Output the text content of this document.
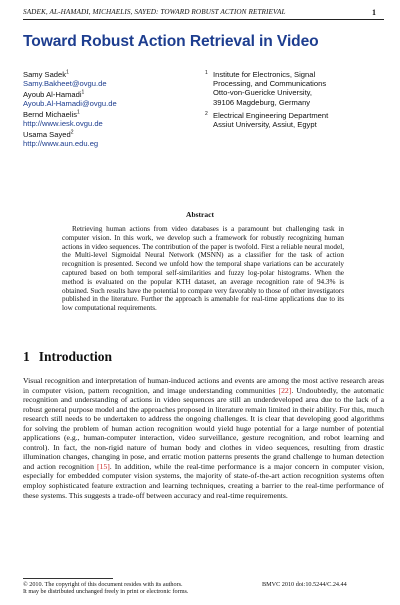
SADEK, AL-HAMADI, MICHAELIS, SAYED: TOWARD ROBUST ACTION RETRIEVAL	1
Toward Robust Action Retrieval in Video
Samy Sadek$^1$
Samy.Bakheet@ovgu.de
Ayoub Al-Hamadi$^1$
Ayoub.Al-Hamadi@ovgu.de
Bernd Michaelis$^1$
http://www.iesk.ovgu.de
Usama Sayed$^2$
http://www.aun.edu.eg
1 Institute for Electronics, Signal
Processing, and Communications
Otto-von-Guericke University,
39106 Magdeburg, Germany
2 Electrical Engineering Department
Assiut University, Assiut, Egypt
Abstract
Retrieving human actions from video databases is a paramount but challenging task in computer vision. In this work, we develop such a framework for robustly recognizing human actions in video sequences. The contribution of the paper is twofold. First a reliable neural model, the Multi-level Sigmoidal Neural Network (MSNN) as a classifier for the task of action recognition is presented. Second we unfold how the temporal shape variations can be accurately captured based on both temporal self-similarities and fuzzy log-polar histograms. When the method is evaluated on the popular KTH dataset, an average recognition rate of 94.3% is obtained. Such results have the potential to compare very favorably to those of other investigators published in the literature. Further the approach is amenable for real-time applications due to its low computational requirements.
1 Introduction
Visual recognition and interpretation of human-induced actions and events are among the most active research areas in computer vision, pattern recognition, and image understanding communities [22]. Undoubtedly, the automatic recognition and understanding of actions in video sequences are still an underdeveloped area due to the lack of a robust general purpose model and the approaches proposed in literature remain limited in their ability. For this, much research still needs to be undertaken to address the ongoing challenges. It is clear that developing good algorithms for solving the problem of human action recognition would yield huge potential for a large number of potential applications (e.g., human-computer interaction, video surveillance, gesture recognition, and robot learning and control). In fact, the non-rigid nature of human body and clothes in video sequences, resulting from drastic illumination changes, changing in pose, and erratic motion patterns presents the grand challenge to human detection and action recognition [15]. In addition, while the real-time performance is a major concern in computer vision, especially for embedded computer vision systems, the majority of state-of-the-art action recognition systems often employ sophisticated feature extraction and learning techniques, creating a barrier to the real-time performance of these systems. This suggests a trade-off between accuracy and real-time requirements.
© 2010. The copyright of this document resides with its authors.
It may be distributed unchanged freely in print or electronic forms.
BMVC 2010 doi:10.5244/C.24.44
